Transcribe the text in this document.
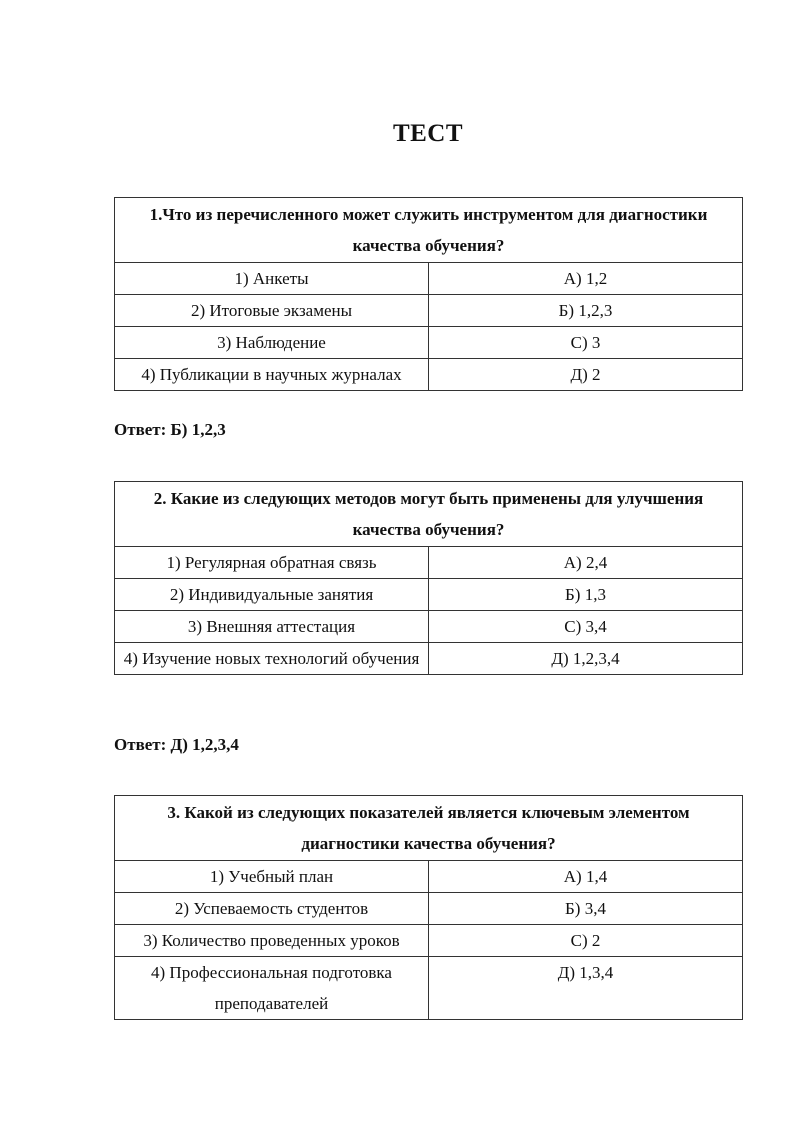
ТЕСТ
1.Что из перечисленного может служить инструментом для диагностики качества обучения?	
1) Анкеты	А) 1,2
2) Итоговые экзамены	Б) 1,2,3
3) Наблюдение	С) 3
4) Публикации в научных журналах	Д) 2
Ответ: Б) 1,2,3
2. Какие из следующих методов могут быть применены для улучшения качества обучения?	
1) Регулярная обратная связь	А) 2,4
2) Индивидуальные занятия	Б) 1,3
3) Внешняя аттестация	С) 3,4
4) Изучение новых технологий обучения	Д) 1,2,3,4
Ответ: Д) 1,2,3,4
3. Какой из следующих показателей является ключевым элементом диагностики качества обучения?	
1) Учебный план	А) 1,4
2) Успеваемость студентов	Б) 3,4
3) Количество проведенных уроков	С) 2
4) Профессиональная подготовка преподавателей	Д) 1,3,4
